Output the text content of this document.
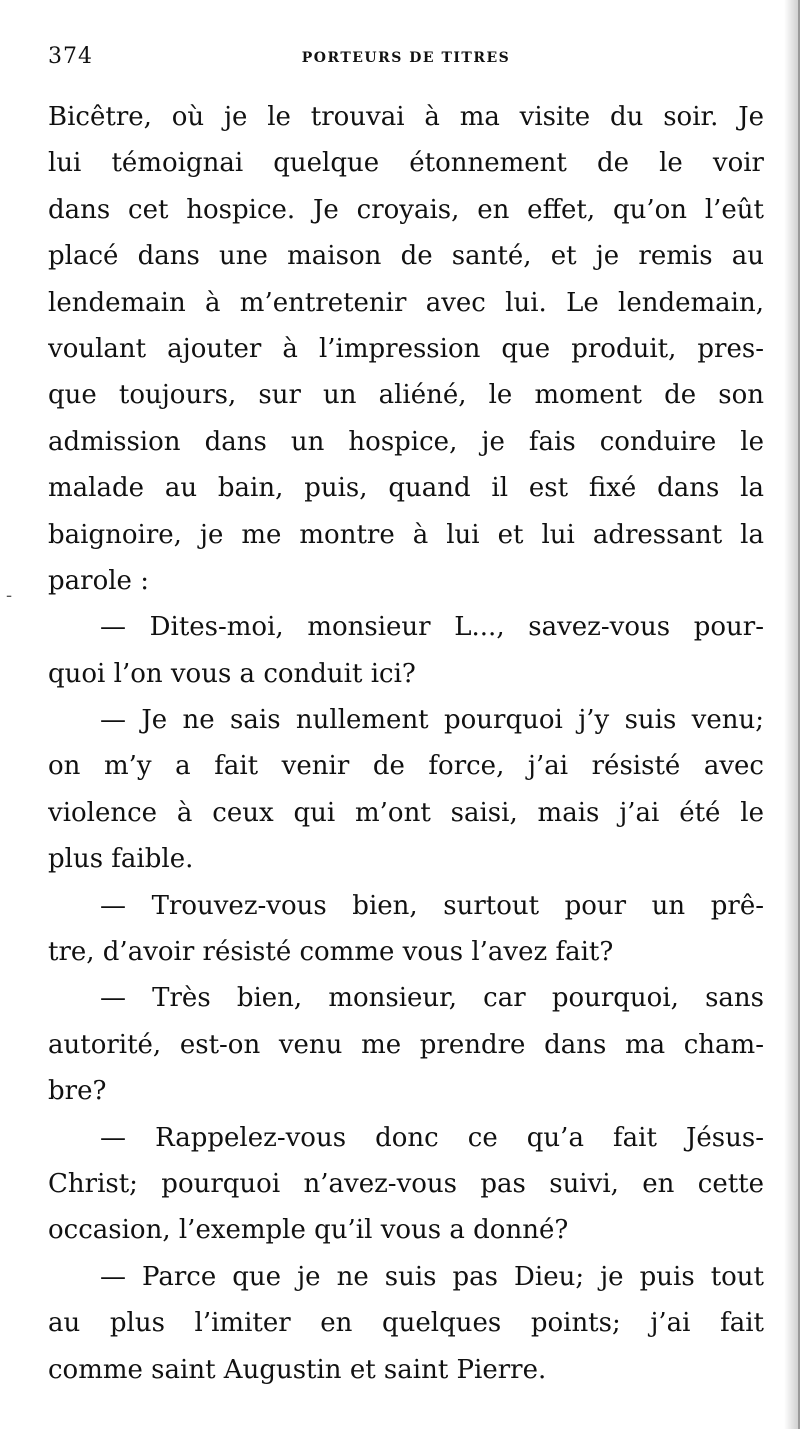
374	PORTEURS DE TITRES
-
Bicêtre, où je le trouvai à ma visite du soir. Je
lui témoignai quelque étonnement de le voir
dans cet hospice. Je croyais, en effet, qu’on l’eût
placé dans une maison de santé, et je remis au
lendemain à m’entretenir avec lui. Le lendemain,
voulant ajouter à l’impression que produit, pres-
que toujours, sur un aliéné, le moment de son
admission dans un hospice, je fais conduire le
malade au bain, puis, quand il est fixé dans la
baignoire, je me montre à lui et lui adressant la
parole :
— Dites-moi, monsieur L..., savez-vous pour-
quoi l’on vous a conduit ici?
— Je ne sais nullement pourquoi j’y suis venu;
on m’y a fait venir de force, j’ai résisté avec
violence à ceux qui m’ont saisi, mais j’ai été le
plus faible.
— Trouvez-vous bien, surtout pour un prê-
tre, d’avoir résisté comme vous l’avez fait?
— Très bien, monsieur, car pourquoi, sans
autorité, est-on venu me prendre dans ma cham-
bre?
— Rappelez-vous donc ce qu’a fait Jésus-
Christ; pourquoi n’avez-vous pas suivi, en cette
occasion, l’exemple qu’il vous a donné?
— Parce que je ne suis pas Dieu; je puis tout
au plus l’imiter en quelques points; j’ai fait
comme saint Augustin et saint Pierre.
